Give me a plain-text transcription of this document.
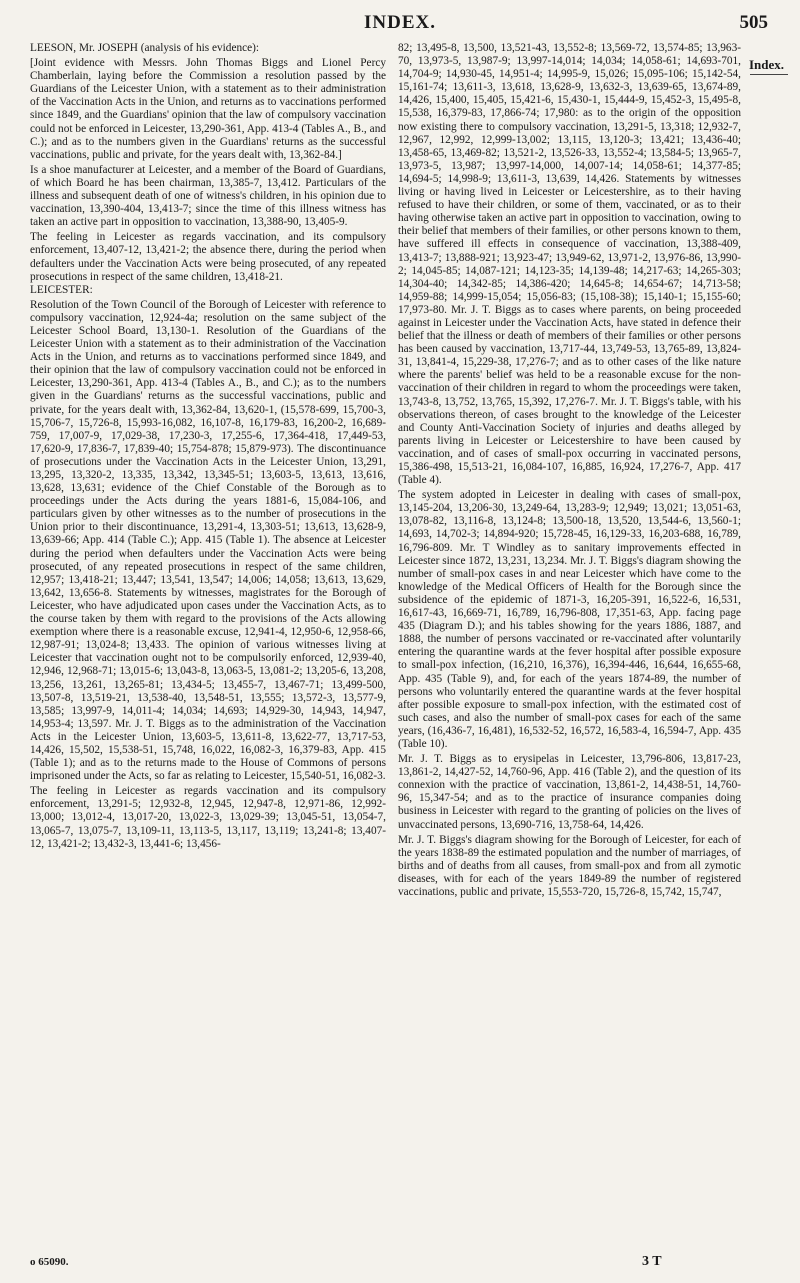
INDEX.	505
Index.

LEESON, Mr. JOSEPH (analysis of his evidence):

[Joint evidence with Messrs. John Thomas Biggs and Lionel Percy Chamberlain, laying before the Commission a resolution passed by the Guardians of the Leicester Union, with a statement as to their administration of the Vaccination Acts in the Union, and returns as to vaccinations performed since 1849, and the Guardians' opinion that the law of compulsory vaccination could not be enforced in Leicester, 13,290-361, App. 413-4 (Tables A., B., and C.); and as to the numbers given in the Guardians' returns as the successful vaccinations, public and private, for the years dealt with, 13,362-84.]

Is a shoe manufacturer at Leicester, and a member of the Board of Guardians, of which Board he has been chairman, 13,385-7, 13,412. Particulars of the illness and subsequent death of one of witness's children, in his opinion due to vaccination, 13,390-404, 13,413-7; since the time of this illness witness has taken an active part in opposition to vaccination, 13,388-90, 13,405-9.

The feeling in Leicester as regards vaccination, and its compulsory enforcement, 13,407-12, 13,421-2; the absence there, during the period when defaulters under the Vaccination Acts were being prosecuted, of any repeated prosecutions in respect of the same children, 13,418-21.

LEICESTER:

Resolution of the Town Council of the Borough of Leicester with reference to compulsory vaccination, 12,924-4a; resolution on the same subject of the Leicester School Board, 13,130-1. Resolution of the Guardians of the Leicester Union with a statement as to their administration of the Vaccination Acts in the Union, and returns as to vaccinations performed since 1849, and their opinion that the law of compulsory vaccination could not be enforced in Leicester, 13,290-361, App. 413-4 (Tables A., B., and C.); as to the numbers given in the Guardians' returns as the successful vaccinations, public and private, for the years dealt with, 13,362-84, 13,620-1, (15,578-699, 15,700-3, 15,706-7, 15,726-8, 15,993-16,082, 16,107-8, 16,179-83, 16,200-2, 16,689-759, 17,007-9, 17,029-38, 17,230-3, 17,255-6, 17,364-418, 17,449-53, 17,620-9, 17,836-7, 17,839-40; 15,754-878; 15,879-973). The discontinuance of prosecutions under the Vaccination Acts in the Leicester Union, 13,291, 13,295, 13,320-2, 13,335, 13,342, 13,345-51; 13,603-5, 13,613, 13,616, 13,628, 13,631; evidence of the Chief Constable of the Borough as to proceedings under the Acts during the years 1881-6, 15,084-106, and particulars given by other witnesses as to the number of prosecutions in the Union prior to their discontinuance, 13,291-4, 13,303-51; 13,613, 13,628-9, 13,639-66; App. 414 (Table C.); App. 415 (Table 1). The absence at Leicester during the period when defaulters under the Vaccination Acts were being prosecuted, of any repeated prosecutions in respect of the same children, 12,957; 13,418-21; 13,447; 13,541, 13,547; 14,006; 14,058; 13,613, 13,629, 13,642, 13,656-8. Statements by witnesses, magistrates for the Borough of Leicester, who have adjudicated upon cases under the Vaccination Acts, as to the course taken by them with regard to the provisions of the Acts allowing exemption where there is a reasonable excuse, 12,941-4, 12,950-6, 12,958-66, 12,987-91; 13,024-8; 13,433. The opinion of various witnesses living at Leicester that vaccination ought not to be compulsorily enforced, 12,939-40, 12,946, 12,968-71; 13,015-6; 13,043-8, 13,063-5, 13,081-2; 13,205-6, 13,208, 13,256, 13,261, 13,265-81; 13,434-5; 13,455-7, 13,467-71; 13,499-500, 13,507-8, 13,519-21, 13,538-40, 13,548-51, 13,555; 13,572-3, 13,577-9, 13,585; 13,997-9, 14,011-4; 14,034; 14,693; 14,929-30, 14,943, 14,947, 14,953-4; 13,597. Mr. J. T. Biggs as to the administration of the Vaccination Acts in the Leicester Union, 13,603-5, 13,611-8, 13,622-77, 13,717-53, 14,426, 15,502, 15,538-51, 15,748, 16,022, 16,082-3, 16,379-83, App. 415 (Table 1); and as to the returns made to the House of Commons of persons imprisoned under the Acts, so far as relating to Leicester, 15,540-51, 16,082-3.

The feeling in Leicester as regards vaccination and its compulsory enforcement, 13,291-5; 12,932-8, 12,945, 12,947-8, 12,971-86, 12,992-13,000; 13,012-4, 13,017-20, 13,022-3, 13,029-39; 13,045-51, 13,054-7, 13,065-7, 13,075-7, 13,109-11, 13,113-5, 13,117, 13,119; 13,241-8; 13,407-12, 13,421-2; 13,432-3, 13,441-6; 13,456-

82; 13,495-8, 13,500, 13,521-43, 13,552-8; 13,569-72, 13,574-85; 13,963-70, 13,973-5, 13,987-9; 13,997-14,014; 14,034; 14,058-61; 14,693-701, 14,704-9; 14,930-45, 14,951-4; 14,995-9, 15,026; 15,095-106; 15,142-54, 15,161-74; 13,611-3, 13,618, 13,628-9, 13,632-3, 13,639-65, 13,674-89, 14,426, 15,400, 15,405, 15,421-6, 15,430-1, 15,444-9, 15,452-3, 15,495-8, 15,538, 16,379-83, 17,866-74; 17,980: as to the origin of the opposition now existing there to compulsory vaccination, 13,291-5, 13,318; 12,932-7, 12,967, 12,992, 12,999-13,002; 13,115, 13,120-3; 13,421; 13,436-40; 13,458-65, 13,469-82; 13,521-2, 13,526-33, 13,552-4; 13,584-5; 13,965-7, 13,973-5, 13,987; 13,997-14,000, 14,007-14; 14,058-61; 14,377-85; 14,694-5; 14,998-9; 13,611-3, 13,639, 14,426. Statements by witnesses living or having lived in Leicester or Leicestershire, as to their having refused to have their children, or some of them, vaccinated, or as to their having otherwise taken an active part in opposition to vaccination, owing to their belief that members of their families, or other persons known to them, have suffered ill effects in consequence of vaccination, 13,388-409, 13,413-7; 13,888-921; 13,923-47; 13,949-62, 13,971-2, 13,976-86, 13,990-2; 14,045-85; 14,087-121; 14,123-35; 14,139-48; 14,217-63; 14,265-303; 14,304-40; 14,342-85; 14,386-420; 14,645-8; 14,654-67; 14,713-58; 14,959-88; 14,999-15,054; 15,056-83; (15,108-38); 15,140-1; 15,155-60; 17,973-80. Mr. J. T. Biggs as to cases where parents, on being proceeded against in Leicester under the Vaccination Acts, have stated in defence their belief that the illness or death of members of their families or other persons has been caused by vaccination, 13,717-44, 13,749-53, 13,765-89, 13,824-31, 13,841-4, 15,229-38, 17,276-7; and as to other cases of the like nature where the parents' belief was held to be a reasonable excuse for the non-vaccination of their children in regard to whom the proceedings were taken, 13,743-8, 13,752, 13,765, 15,392, 17,276-7. Mr. J. T. Biggs's table, with his observations thereon, of cases brought to the knowledge of the Leicester and County Anti-Vaccination Society of injuries and deaths alleged by parents living in Leicester or Leicestershire to have been caused by vaccination, and of cases of small-pox occurring in vaccinated persons, 15,386-498, 15,513-21, 16,084-107, 16,885, 16,924, 17,276-7, App. 417 (Table 4).

The system adopted in Leicester in dealing with cases of small-pox, 13,145-204, 13,206-30, 13,249-64, 13,283-9; 12,949; 13,021; 13,051-63, 13,078-82, 13,116-8, 13,124-8; 13,500-18, 13,520, 13,544-6, 13,560-1; 14,693, 14,702-3; 14,894-920; 15,728-45, 16,129-33, 16,203-688, 16,789, 16,796-809. Mr. T Windley as to sanitary improvements effected in Leicester since 1872, 13,231, 13,234. Mr. J. T. Biggs's diagram showing the number of small-pox cases in and near Leicester which have come to the knowledge of the Medical Officers of Health for the Borough since the subsidence of the epidemic of 1871-3, 16,205-391, 16,522-6, 16,531, 16,617-43, 16,669-71, 16,789, 16,796-808, 17,351-63, App. facing page 435 (Diagram D.); and his tables showing for the years 1886, 1887, and 1888, the number of persons vaccinated or re-vaccinated after voluntarily entering the quarantine wards at the fever hospital after possible exposure to small-pox infection, (16,210, 16,376), 16,394-446, 16,644, 16,655-68, App. 435 (Table 9), and, for each of the years 1874-89, the number of persons who voluntarily entered the quarantine wards at the fever hospital after possible exposure to small-pox infection, with the estimated cost of such cases, and also the number of small-pox cases for each of the same years, (16,436-7, 16,481), 16,532-52, 16,572, 16,583-4, 16,594-7, App. 435 (Table 10).

Mr. J. T. Biggs as to erysipelas in Leicester, 13,796-806, 13,817-23, 13,861-2, 14,427-52, 14,760-96, App. 416 (Table 2), and the question of its connexion with the practice of vaccination, 13,861-2, 14,438-51, 14,760-96, 15,347-54; and as to the practice of insurance companies doing business in Leicester with regard to the granting of policies on the lives of unvaccinated persons, 13,690-716, 13,758-64, 14,426.

Mr. J. T. Biggs's diagram showing for the Borough of Leicester, for each of the years 1838-89 the estimated population and the number of marriages, of births and of deaths from all causes, from small-pox and from all zymotic diseases, with for each of the years 1849-89 the number of registered vaccinations, public and private, 15,553-720, 15,726-8, 15,742, 15,747,

o 65090.	3 T
